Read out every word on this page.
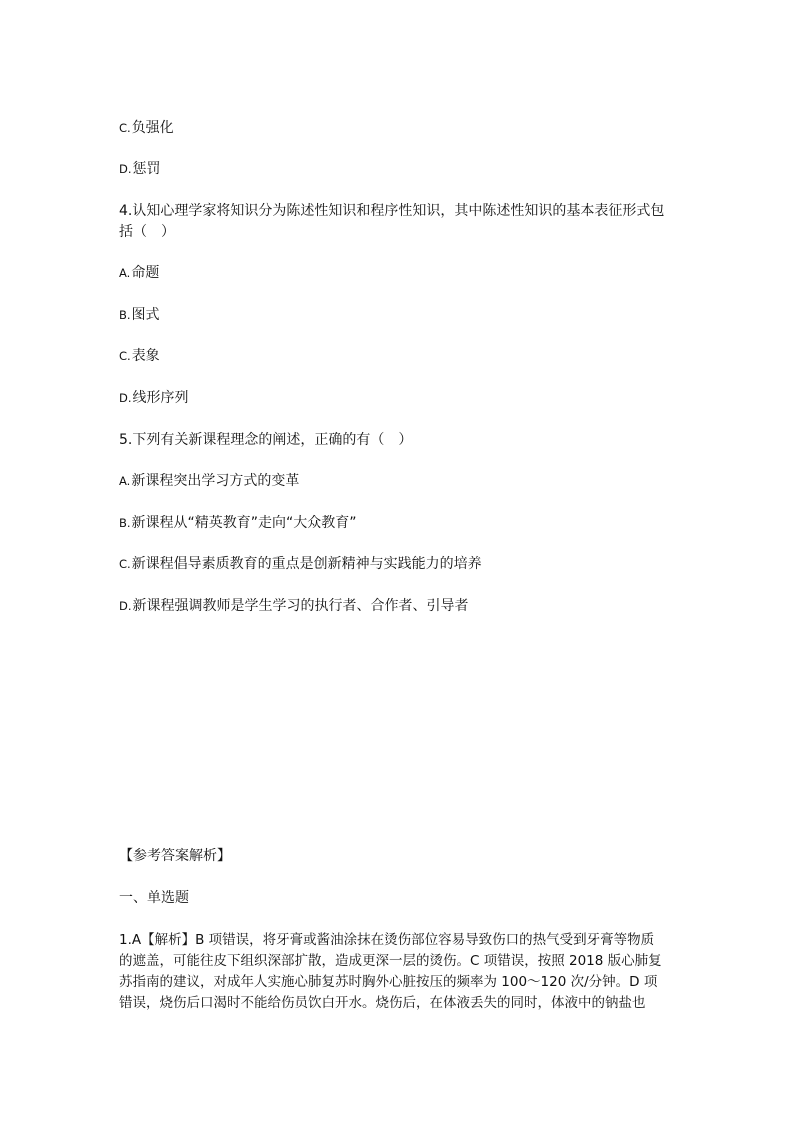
C.负强化
D.惩罚
4.认知心理学家将知识分为陈述性知识和程序性知识，其中陈述性知识的基本表征形式包
括（　）
A.命题
B.图式
C.表象
D.线形序列
5.下列有关新课程理念的阐述，正确的有（　）
A.新课程突出学习方式的变革
B.新课程从“精英教育”走向“大众教育”
C.新课程倡导素质教育的重点是创新精神与实践能力的培养
D.新课程强调教师是学生学习的执行者、合作者、引导者
【参考答案解析】
一、单选题
1.A【解析】B 项错误，将牙膏或酱油涂抹在烫伤部位容易导致伤口的热气受到牙膏等物质
的遮盖，可能往皮下组织深部扩散，造成更深一层的烫伤。C 项错误，按照 2018 版心肺复
苏指南的建议，对成年人实施心肺复苏时胸外心脏按压的频率为 100～120 次/分钟。D 项
错误，烧伤后口渴时不能给伤员饮白开水。烧伤后，在体液丢失的同时，体液中的钠盐也
